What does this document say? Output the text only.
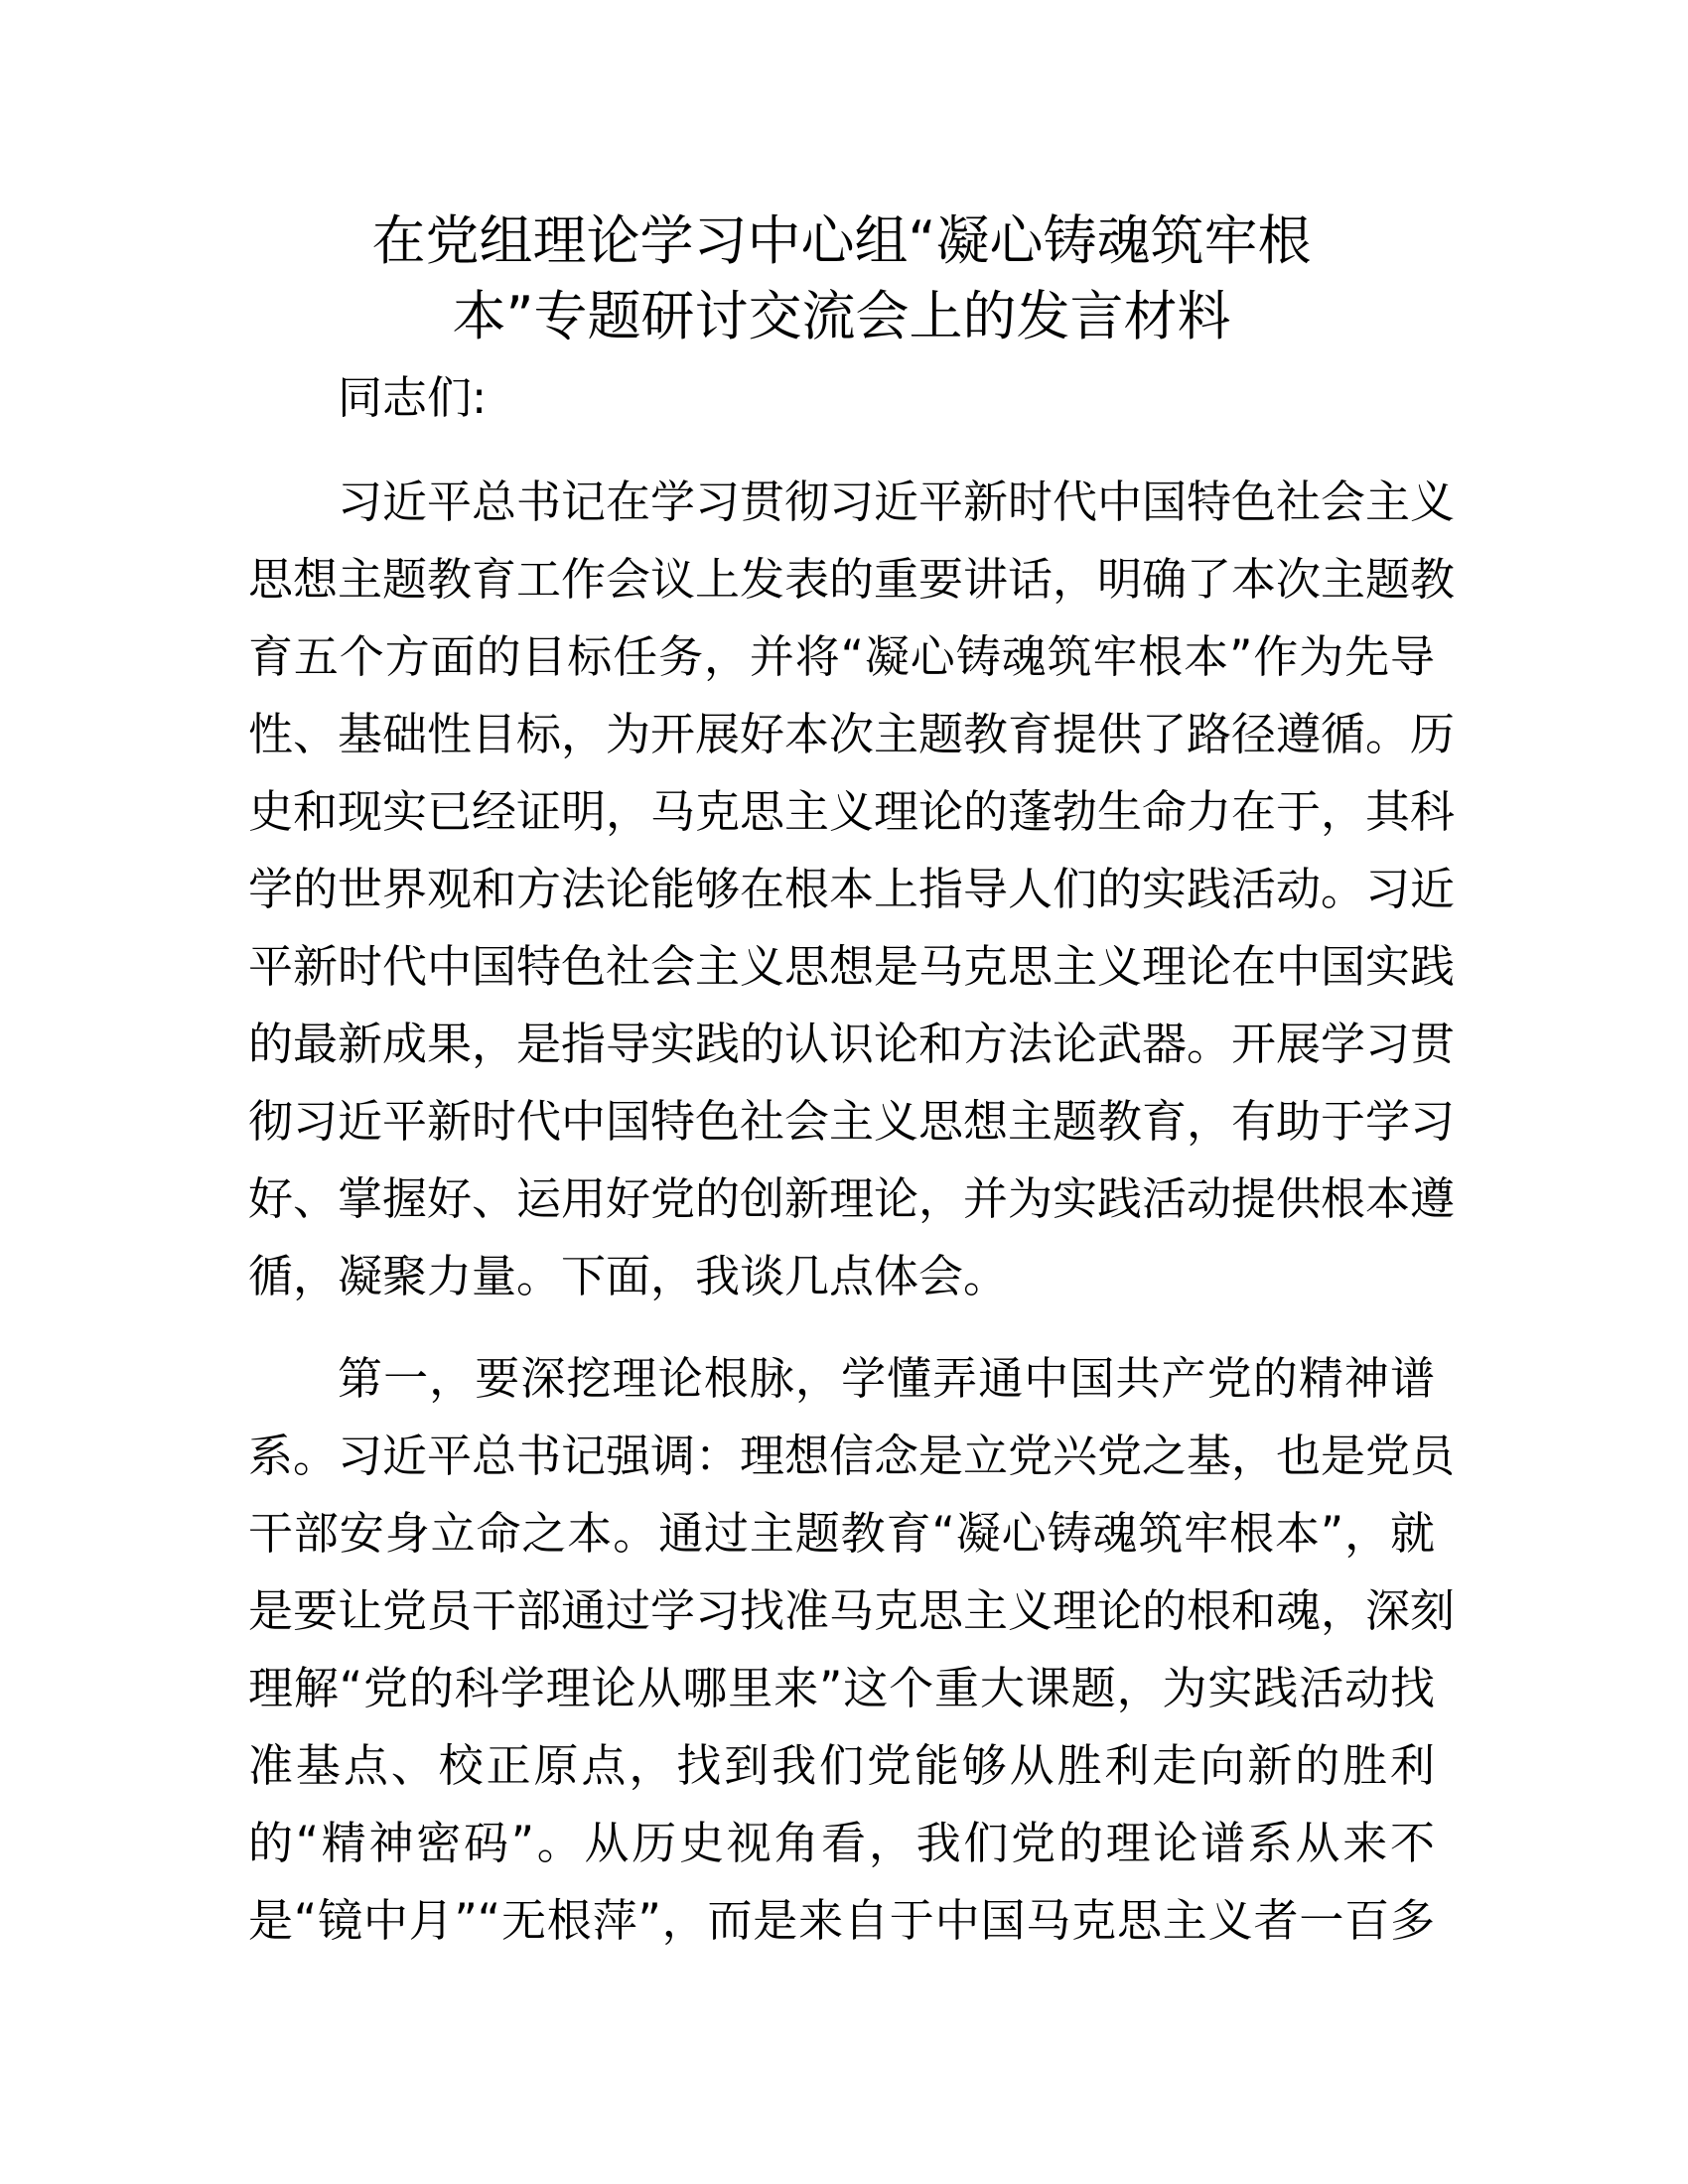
在党组理论学习中心组“凝心铸魂筑牢根
本”专题研讨交流会上的发言材料
同志们:
习近平总书记在学习贯彻习近平新时代中国特色社会主义
思想主题教育工作会议上发表的重要讲话，明确了本次主题教
育五个方面的目标任务，并将“凝心铸魂筑牢根本”作为先导
性、基础性目标，为开展好本次主题教育提供了路径遵循。历
史和现实已经证明，马克思主义理论的蓬勃生命力在于，其科
学的世界观和方法论能够在根本上指导人们的实践活动。习近
平新时代中国特色社会主义思想是马克思主义理论在中国实践
的最新成果，是指导实践的认识论和方法论武器。开展学习贯
彻习近平新时代中国特色社会主义思想主题教育，有助于学习
好、掌握好、运用好党的创新理论，并为实践活动提供根本遵
循，凝聚力量。下面，我谈几点体会。
第一，要深挖理论根脉，学懂弄通中国共产党的精神谱
系。习近平总书记强调：理想信念是立党兴党之基，也是党员
干部安身立命之本。通过主题教育“凝心铸魂筑牢根本”，就
是要让党员干部通过学习找准马克思主义理论的根和魂，深刻
理解“党的科学理论从哪里来”这个重大课题，为实践活动找
准基点、校正原点，找到我们党能够从胜利走向新的胜利
的“精神密码”。从历史视角看，我们党的理论谱系从来不
是“镜中月”“无根萍”，而是来自于中国马克思主义者一百多
